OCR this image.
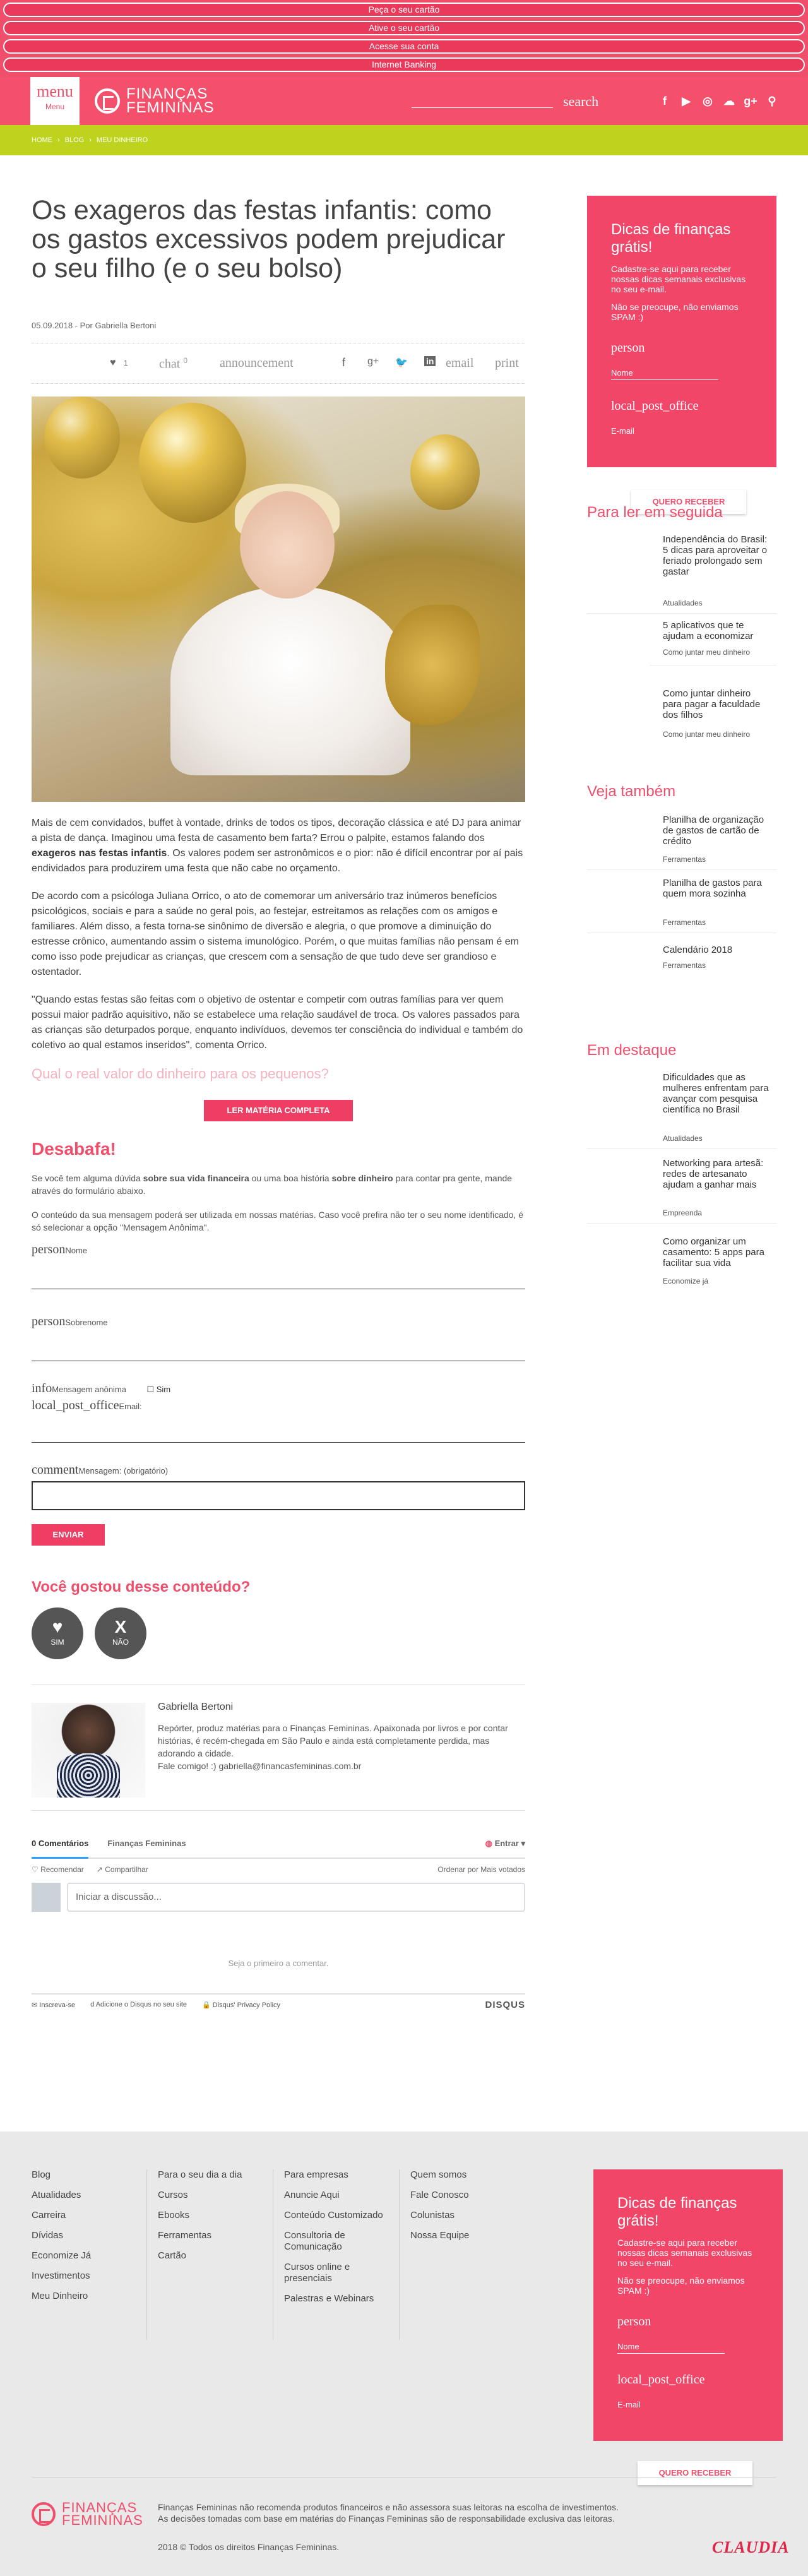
Peça o seu cartão
Ative o seu cartão
Acesse sua conta
Internet Banking
menu
Menu
FINANÇAS
FEMININAS	search	f	▶ ◎ ☁ g+ ⚲
HOME › BLOG › MEU DINHEIRO
Os exageros das festas infantis: como os gastos excessivos podem prejudicar o seu filho (e o seu bolso)
05.09.2018 - Por Gabriella Bertoni
♥ 1 chat $^0$	announcement	f g+ 🐦 in email print

Mais de cem convidados, buffet à vontade, drinks de todos os tipos, decoração clássica e até DJ para animar a pista de dança. Imaginou uma festa de casamento bem farta? Errou o palpite, estamos falando dos exageros nas festas infantis. Os valores podem ser astronômicos e o pior: não é difícil encontrar por aí pais endividados para produzirem uma festa que não cabe no orçamento.

De acordo com a psicóloga Juliana Orrico, o ato de comemorar um aniversário traz inúmeros benefícios psicológicos, sociais e para a saúde no geral pois, ao festejar, estreitamos as relações com os amigos e familiares. Além disso, a festa torna-se sinônimo de diversão e alegria, o que promove a diminuição do estresse crônico, aumentando assim o sistema imunológico. Porém, o que muitas famílias não pensam é em como isso pode prejudicar as crianças, que crescem com a sensação de que tudo deve ser grandioso e ostentador.

"Quando estas festas são feitas com o objetivo de ostentar e competir com outras famílias para ver quem possui maior padrão aquisitivo, não se estabelece uma relação saudável de troca. Os valores passados para as crianças são deturpados porque, enquanto indivíduos, devemos ter consciência do individual e também do coletivo ao qual estamos inseridos", comenta Orrico.

Qual o real valor do dinheiro para os pequenos?
LER MATÉRIA COMPLETA
Desabafa!

Se você tem alguma dúvida sobre sua vida financeira ou uma boa história sobre dinheiro para contar pra gente, mande através do formulário abaixo.

O conteúdo da sua mensagem poderá ser utilizada em nossas matérias. Caso você prefira não ter o seu nome identificado, é só selecionar a opção "Mensagem Anônima".

personNome
personSobrenome
infoMensagem anônima ☐ Sim
local_post_officeEmail:
commentMensagem: (obrigatório)
ENVIAR
Você gostou desse conteúdo?
♥
SIM
X
NÃO
Gabriella Bertoni
Repórter, produz matérias para o Finanças Femininas. Apaixonada por livros e por contar histórias, é recém-chegada em São Paulo e ainda está completamente perdida, mas adorando a cidade.
Fale comigo! :) gabriella@financasfemininas.com.br
0 Comentários Finanças Femininas	◍ Entrar ▾
♡ Recomendar ↗ Compartilhar	Ordenar por Mais votados
Iniciar a discussão...
Seja o primeiro a comentar.
✉ Inscreva-se d Adicione o Disqus no seu site 🔒 Disqus' Privacy Policy	DISQUS
Dicas de finanças grátis!

Cadastre-se aqui para receber nossas dicas semanais exclusivas no seu e-mail.

Não se preocupe, não enviamos SPAM :)

person
Nome
local_post_office
E-mail
QUERO RECEBER
Para ler em seguida
Independência do Brasil: 5 dicas para aproveitar o feriado prolongado sem gastar
Atualidades
5 aplicativos que te ajudam a economizar
Como juntar meu dinheiro
Como juntar dinheiro para pagar a faculdade dos filhos
Como juntar meu dinheiro
Veja também
Planilha de organização de gastos de cartão de crédito
Ferramentas
Planilha de gastos para quem mora sozinha
Ferramentas
Calendário 2018
Ferramentas
Em destaque
Dificuldades que as mulheres enfrentam para avançar com pesquisa científica no Brasil
Atualidades
Networking para artesã: redes de artesanato ajudam a ganhar mais
Empreenda
Como organizar um casamento: 5 apps para facilitar sua vida
Economize já
Blog
Atualidades
Carreira
Dívidas
Economize Já
Investimentos
Meu Dinheiro
Para o seu dia a dia
Cursos
Ebooks
Ferramentas
Cartão
Para empresas
Anuncie Aqui
Conteúdo Customizado
Consultoria de Comunicação
Cursos online e presenciais
Palestras e Webinars
Quem somos
Fale Conosco
Colunistas
Nossa Equipe
Dicas de finanças grátis!

Cadastre-se aqui para receber nossas dicas semanais exclusivas no seu e-mail.

Não se preocupe, não enviamos SPAM :)

person
Nome
local_post_office
E-mail
QUERO RECEBER
FINANÇAS
FEMININAS
Finanças Femininas não recomenda produtos financeiros e não assessora suas leitoras na escolha de investimentos.
As decisões tomadas com base em matérias do Finanças Femininas são de responsabilidade exclusiva das leitoras.
2018 © Todos os direitos Finanças Femininas.	CLAUDIA
